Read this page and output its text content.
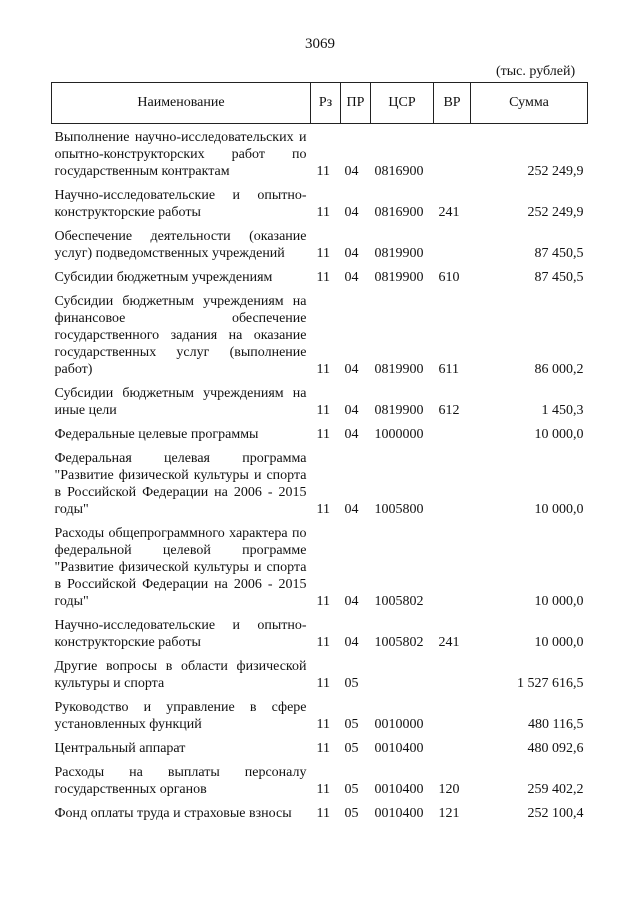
3069
(тыс. рублей)
Наименование	Рз	ПР	ЦСР	ВР	Сумма
Выполнение научно-исследовательских и опытно-конструкторских работ по государственным контрактам	11	04	0816900		252 249,9
Научно-исследовательские и опытно-конструкторские работы	11	04	0816900	241	252 249,9
Обеспечение деятельности (оказание услуг) подведомственных учреждений	11	04	0819900		87 450,5
Субсидии бюджетным учреждениям	11	04	0819900	610	87 450,5
Субсидии бюджетным учреждениям на финансовое обеспечение государственного задания на оказание государственных услуг (выполнение работ)	11	04	0819900	611	86 000,2
Субсидии бюджетным учреждениям на иные цели	11	04	0819900	612	1 450,3
Федеральные целевые программы	11	04	1000000		10 000,0
Федеральная целевая программа "Развитие физической культуры и спорта в Российской Федерации на 2006 - 2015 годы"	11	04	1005800		10 000,0
Расходы общепрограммного характера по федеральной целевой программе "Развитие физической культуры и спорта в Российской Федерации на 2006 - 2015 годы"	11	04	1005802		10 000,0
Научно-исследовательские и опытно-конструкторские работы	11	04	1005802	241	10 000,0
Другие вопросы в области физической культуры и спорта	11	05			1 527 616,5
Руководство и управление в сфере установленных функций	11	05	0010000		480 116,5
Центральный аппарат	11	05	0010400		480 092,6
Расходы на выплаты персоналу государственных органов	11	05	0010400	120	259 402,2
Фонд оплаты труда и страховые взносы	11	05	0010400	121	252 100,4
